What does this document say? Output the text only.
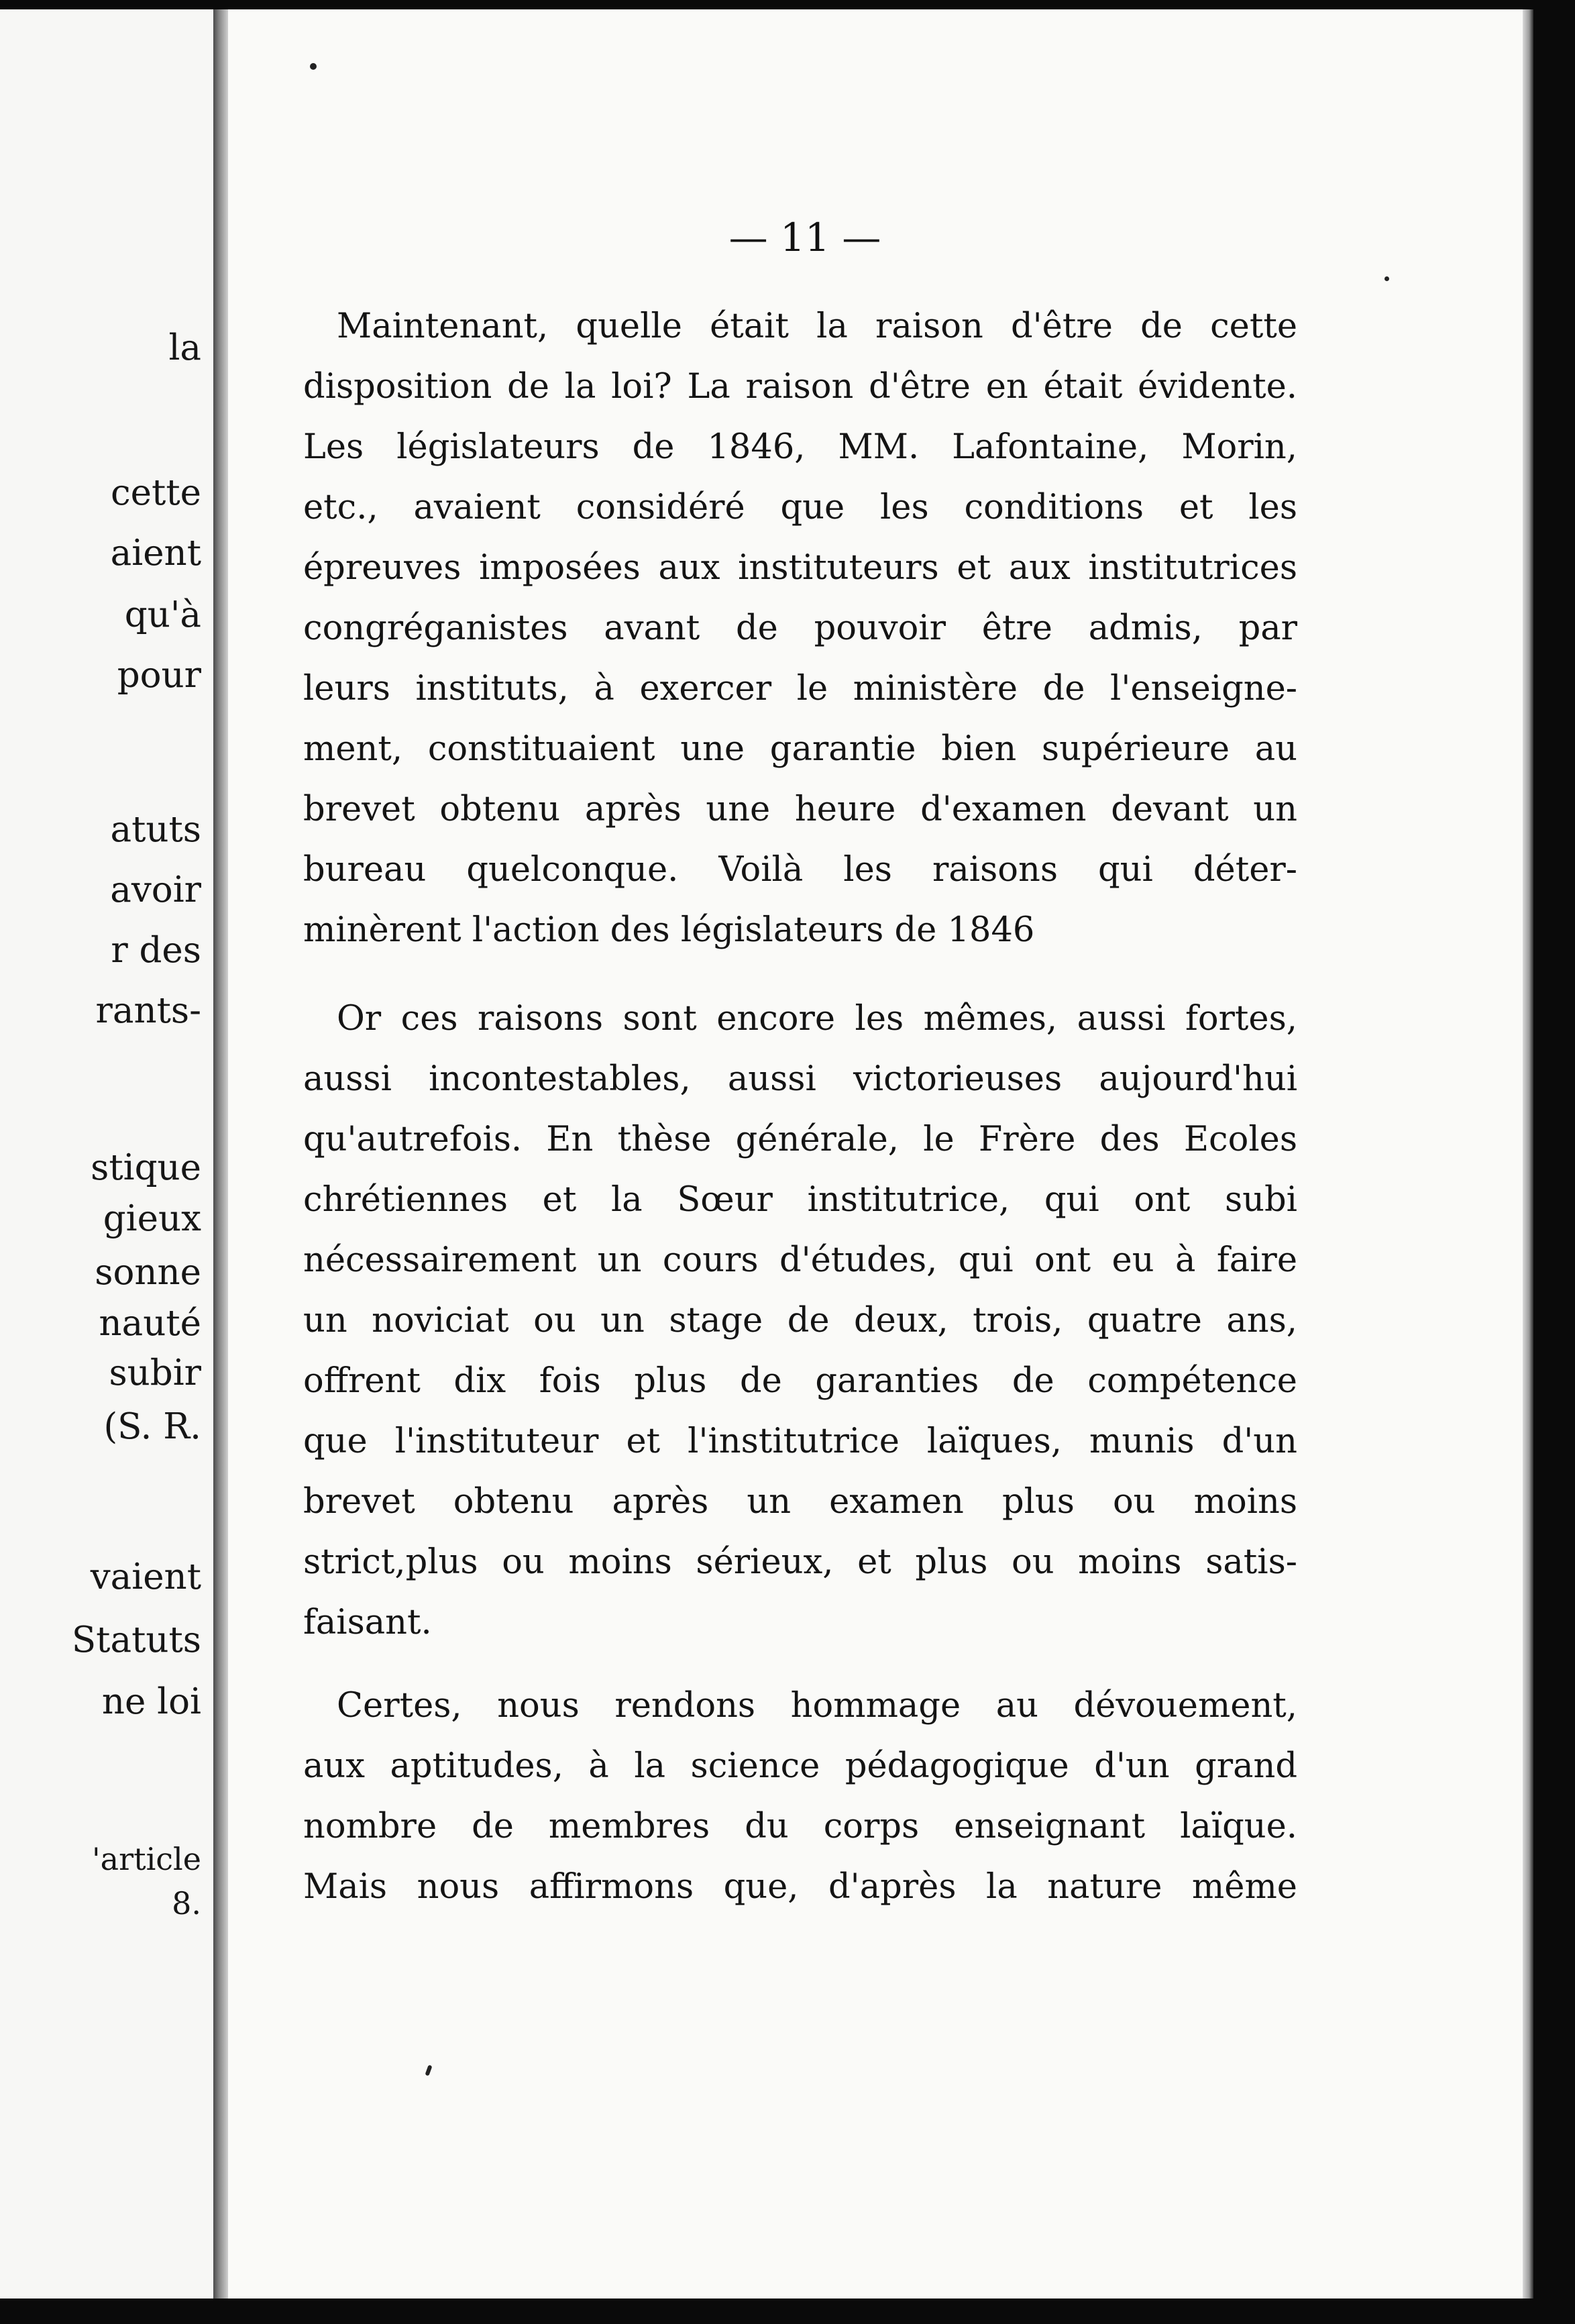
la
cette
aient
qu'à
pour
atuts
avoir
r des
rants-
stique
gieux
sonne
nauté
subir
(S. R.
vaient
Statuts
ne loi
'article
8.
— 11 —
Maintenant, quelle était la raison d'être de cette
disposition de la loi? La raison d'être en était évidente.
Les législateurs de 1846, MM. Lafontaine, Morin,
etc., avaient considéré que les conditions et les
épreuves imposées aux instituteurs et aux institutrices
congréganistes avant de pouvoir être admis, par
leurs instituts, à exercer le ministère de l'enseigne-
ment, constituaient une garantie bien supérieure au
brevet obtenu après une heure d'examen devant un
bureau quelconque. Voilà les raisons qui déter-
minèrent l'action des législateurs de 1846
Or ces raisons sont encore les mêmes, aussi fortes,
aussi incontestables, aussi victorieuses aujourd'hui
qu'autrefois. En thèse générale, le Frère des Ecoles
chrétiennes et la Sœur institutrice, qui ont subi
nécessairement un cours d'études, qui ont eu à faire
un noviciat ou un stage de deux, trois, quatre ans,
offrent dix fois plus de garanties de compétence
que l'instituteur et l'institutrice laïques, munis d'un
brevet obtenu après un examen plus ou moins
strict,plus ou moins sérieux, et plus ou moins satis-
faisant.
Certes, nous rendons hommage au dévouement,
aux aptitudes, à la science pédagogique d'un grand
nombre de membres du corps enseignant laïque.
Mais nous affirmons que, d'après la nature même
